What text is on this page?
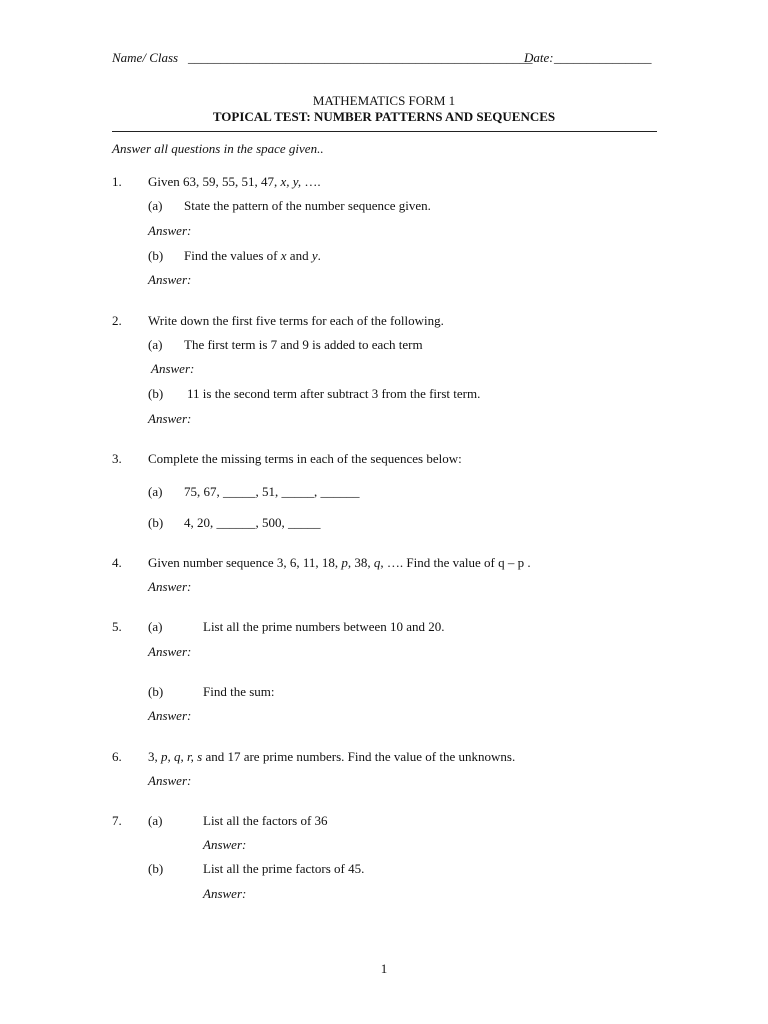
Name/ Class _____________________________________________________
Date: _______________
MATHEMATICS FORM 1
TOPICAL TEST: NUMBER PATTERNS AND SEQUENCES
Answer all questions in the space given..
1. Given 63, 59, 55, 51, 47, x, y, ….
(a) State the pattern of the number sequence given.
Answer:
(b) Find the values of x and y.
Answer:
2. Write down the first five terms for each of the following.
(a) The first term is 7 and 9 is added to each term
Answer:
(b) 11 is the second term after subtract 3 from the first term.
Answer:
3. Complete the missing terms in each of the sequences below:
(a) 75, 67, _____, 51, _____, ______
(b) 4, 20, ______, 500, _____
4. Given number sequence 3, 6, 11, 18, p, 38, q, …. Find the value of q – p .
Answer:
5. (a)	List all the prime numbers between 10 and 20.
Answer:
(b)	Find the sum:
Answer:
6. 3, p, q, r, s and 17 are prime numbers. Find the value of the unknowns.
Answer:
7. (a)	List all the factors of 36
Answer:
(b)	List all the prime factors of 45.
Answer:
1
